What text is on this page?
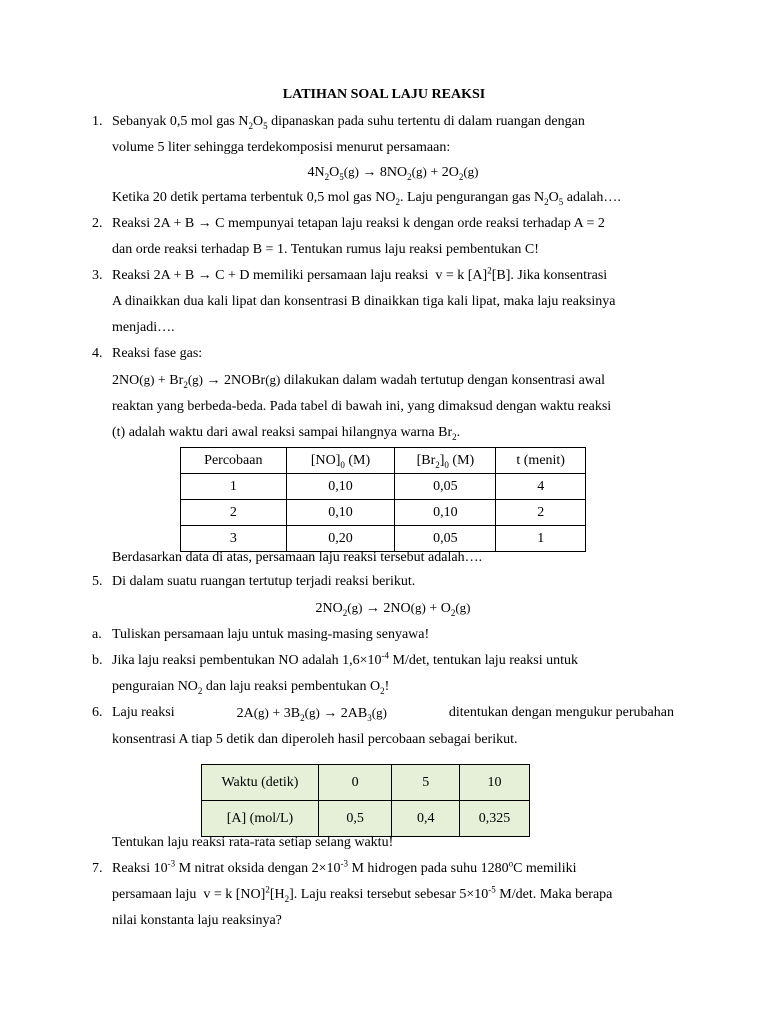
LATIHAN SOAL LAJU REAKSI
1. Sebanyak 0,5 mol gas $N_2O_5$ dipanaskan pada suhu tertentu di dalam ruangan dengan
volume 5 liter sehingga terdekomposisi menurut persamaan:
$4N_2O_5(g) \to 8NO_2(g) + 2O_2(g)$
Ketika 20 detik pertama terbentuk 0,5 mol gas $NO_2$. Laju pengurangan gas $N_2O_5$ adalah….
2. Reaksi 2A + B → C mempunyai tetapan laju reaksi k dengan orde reaksi terhadap A = 2
dan orde reaksi terhadap B = 1. Tentukan rumus laju reaksi pembentukan C!
3. Reaksi 2A + B → C + D memiliki persamaan laju reaksi  v = k $[A]^2[B]$. Jika konsentrasi
A dinaikkan dua kali lipat dan konsentrasi B dinaikkan tiga kali lipat, maka laju reaksinya
menjadi….
4. Reaksi fase gas:
$2NO(g) + Br_2(g)$ → 2NOBr(g) dilakukan dalam wadah tertutup dengan konsentrasi awal
reaktan yang berbeda-beda. Pada tabel di bawah ini, yang dimaksud dengan waktu reaksi
(t) adalah waktu dari awal reaksi sampai hilangnya warna $Br_2$.
Percobaan	$[NO]_0$ (M)	$[Br_2]_0$ (M)	t (menit)
1	0,10	0,05	4
2	0,10	0,10	2
3	0,20	0,05	1
Berdasarkan data di atas, persamaan laju reaksi tersebut adalah….
5. Di dalam suatu ruangan tertutup terjadi reaksi berikut.
$2NO_2(g) \to 2NO(g) + O_2(g)$
a. Tuliskan persamaan laju untuk masing-masing senyawa!
b. Jika laju reaksi pembentukan NO adalah $1,6\times 10^{-4}$ M/det, tentukan laju reaksi untuk
penguraian $NO_2$ dan laju reaksi pembentukan $O_2$!
6. Laju reaksi	$2A(g) + 3B_2(g) \to 2AB_3(g)$	ditentukan dengan mengukur perubahan
konsentrasi A tiap 5 detik dan diperoleh hasil percobaan sebagai berikut.
Waktu (detik)	0	5	10
[A] (mol/L)	0,5	0,4	0,325
Tentukan laju reaksi rata-rata setiap selang waktu!
7. Reaksi $10^{-3}$ M nitrat oksida dengan $2\times 10^{-3}$ M hidrogen pada suhu 1280$^o$C memiliki
persamaan laju  v = k $[NO]^2[H_2]$. Laju reaksi tersebut sebesar $5\times 10^{-5}$ M/det. Maka berapa
nilai konstanta laju reaksinya?
